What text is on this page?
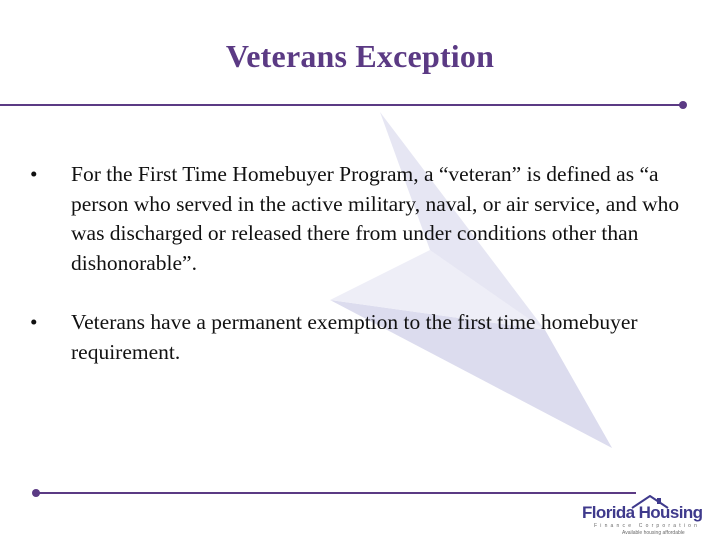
Veterans Exception
• For the First Time Homebuyer Program, a “veteran” is defined as “a person who served in the active military, naval, or air service, and who was discharged or released there from under conditions other than dishonorable”.
• Veterans have a permanent exemption to the first time homebuyer requirement.
Florida Housing
Finance Corporation
Available housing affordable
